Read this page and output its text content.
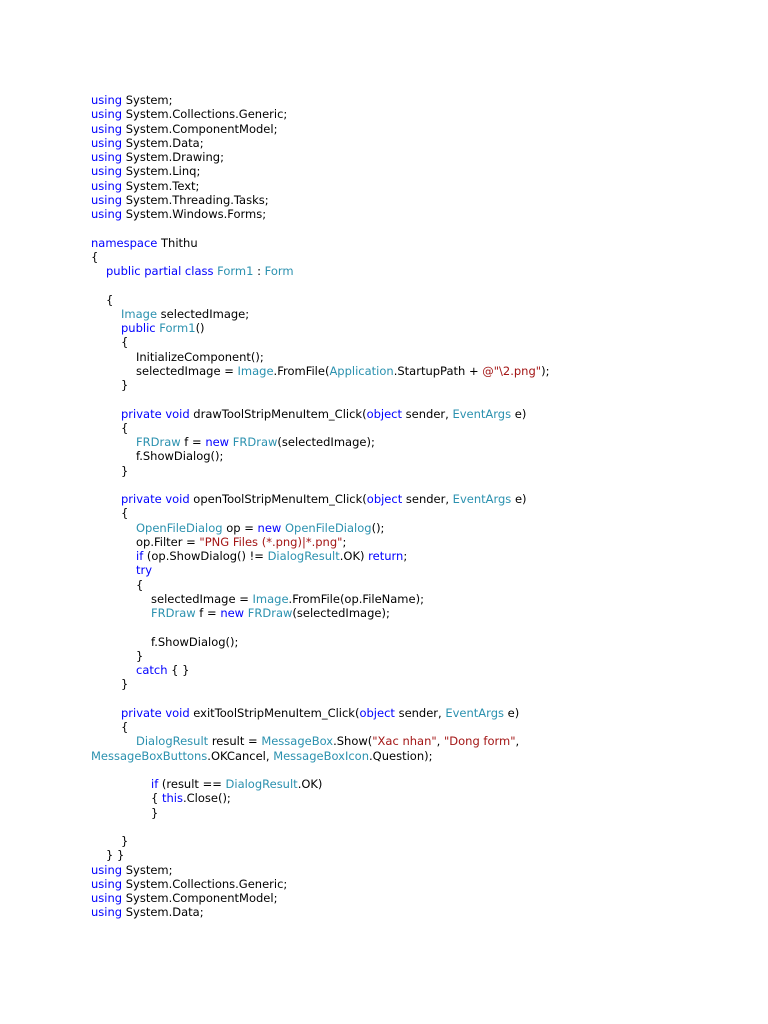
using System;
using System.Collections.Generic;
using System.ComponentModel;
using System.Data;
using System.Drawing;
using System.Linq;
using System.Text;
using System.Threading.Tasks;
using System.Windows.Forms;
namespace Thithu
{
public partial class Form1 : Form
{
Image selectedImage;
public Form1()
{
InitializeComponent();
selectedImage = Image.FromFile(Application.StartupPath + @"\2.png");
}
private void drawToolStripMenuItem_Click(object sender, EventArgs e)
{
FRDraw f = new FRDraw(selectedImage);
f.ShowDialog();
}
private void openToolStripMenuItem_Click(object sender, EventArgs e)
{
OpenFileDialog op = new OpenFileDialog();
op.Filter = "PNG Files (*.png)|*.png";
if (op.ShowDialog() != DialogResult.OK) return;
try
{
selectedImage = Image.FromFile(op.FileName);
FRDraw f = new FRDraw(selectedImage);
f.ShowDialog();
}
catch { }
}
private void exitToolStripMenuItem_Click(object sender, EventArgs e)
{
DialogResult result = MessageBox.Show("Xac nhan", "Dong form",
MessageBoxButtons.OKCancel, MessageBoxIcon.Question);
if (result == DialogResult.OK)
{ this.Close();
}
}
} }
using System;
using System.Collections.Generic;
using System.ComponentModel;
using System.Data;
